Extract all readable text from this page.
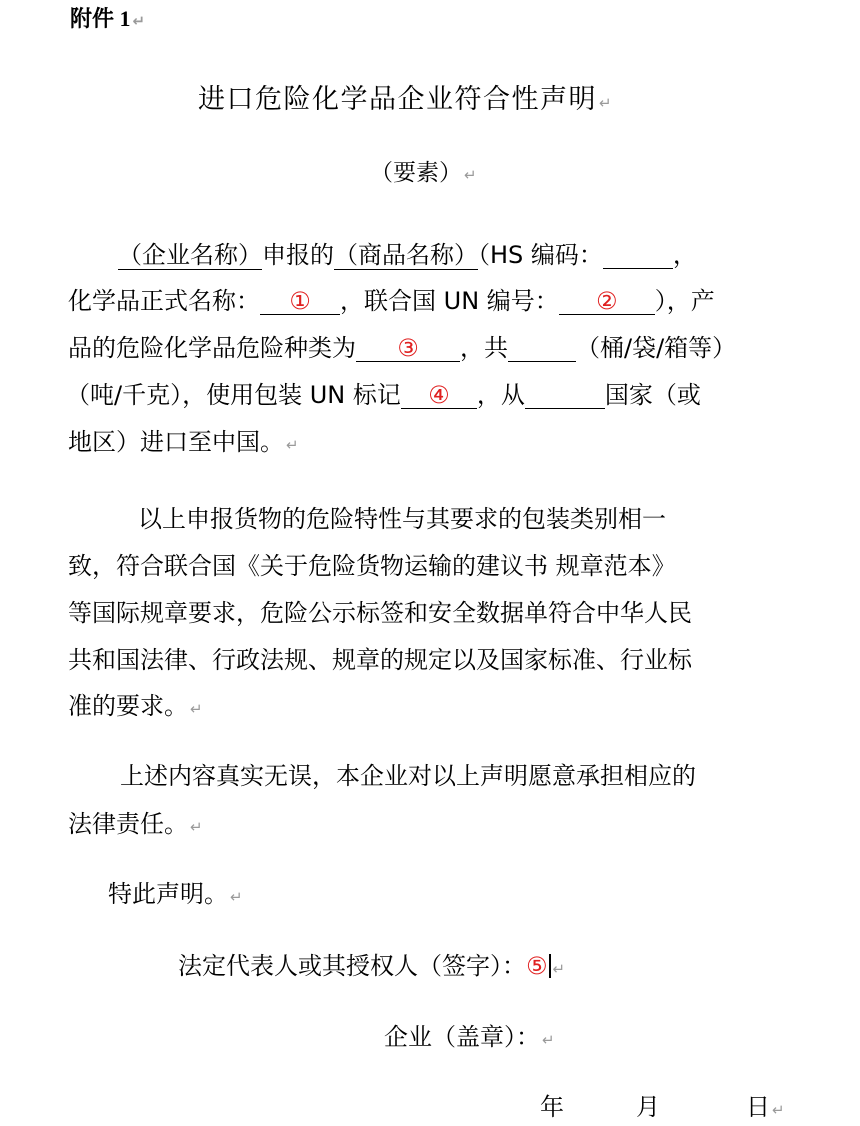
附件 1 ↵
进口危险化学品企业符合性声明 ↵
（要素） ↵
（企业名称）申报的（商品名称）（HS 编码：	，
化学品正式名称： ① ，联合国 UN 编号： ② ），产
品的危险化学品危险种类为 ③ ，共	（桶/袋/箱等）
（吨/千克），使用包装 UN 标记 ④ ，从	国家（或
地区）进口至中国。 ↵
以上申报货物的危险特性与其要求的包装类别相一
致，符合联合国《关于危险货物运输的建议书 规章范本》
等国际规章要求，危险公示标签和安全数据单符合中华人民
共和国法律、行政法规、规章的规定以及国家标准、行业标
准的要求。 ↵
上述内容真实无误，本企业对以上声明愿意承担相应的
法律责任。 ↵
特此声明。 ↵
法定代表人或其授权人（签字）：⑤ ↵
企业（盖章）： ↵
年	月	日 ↵
